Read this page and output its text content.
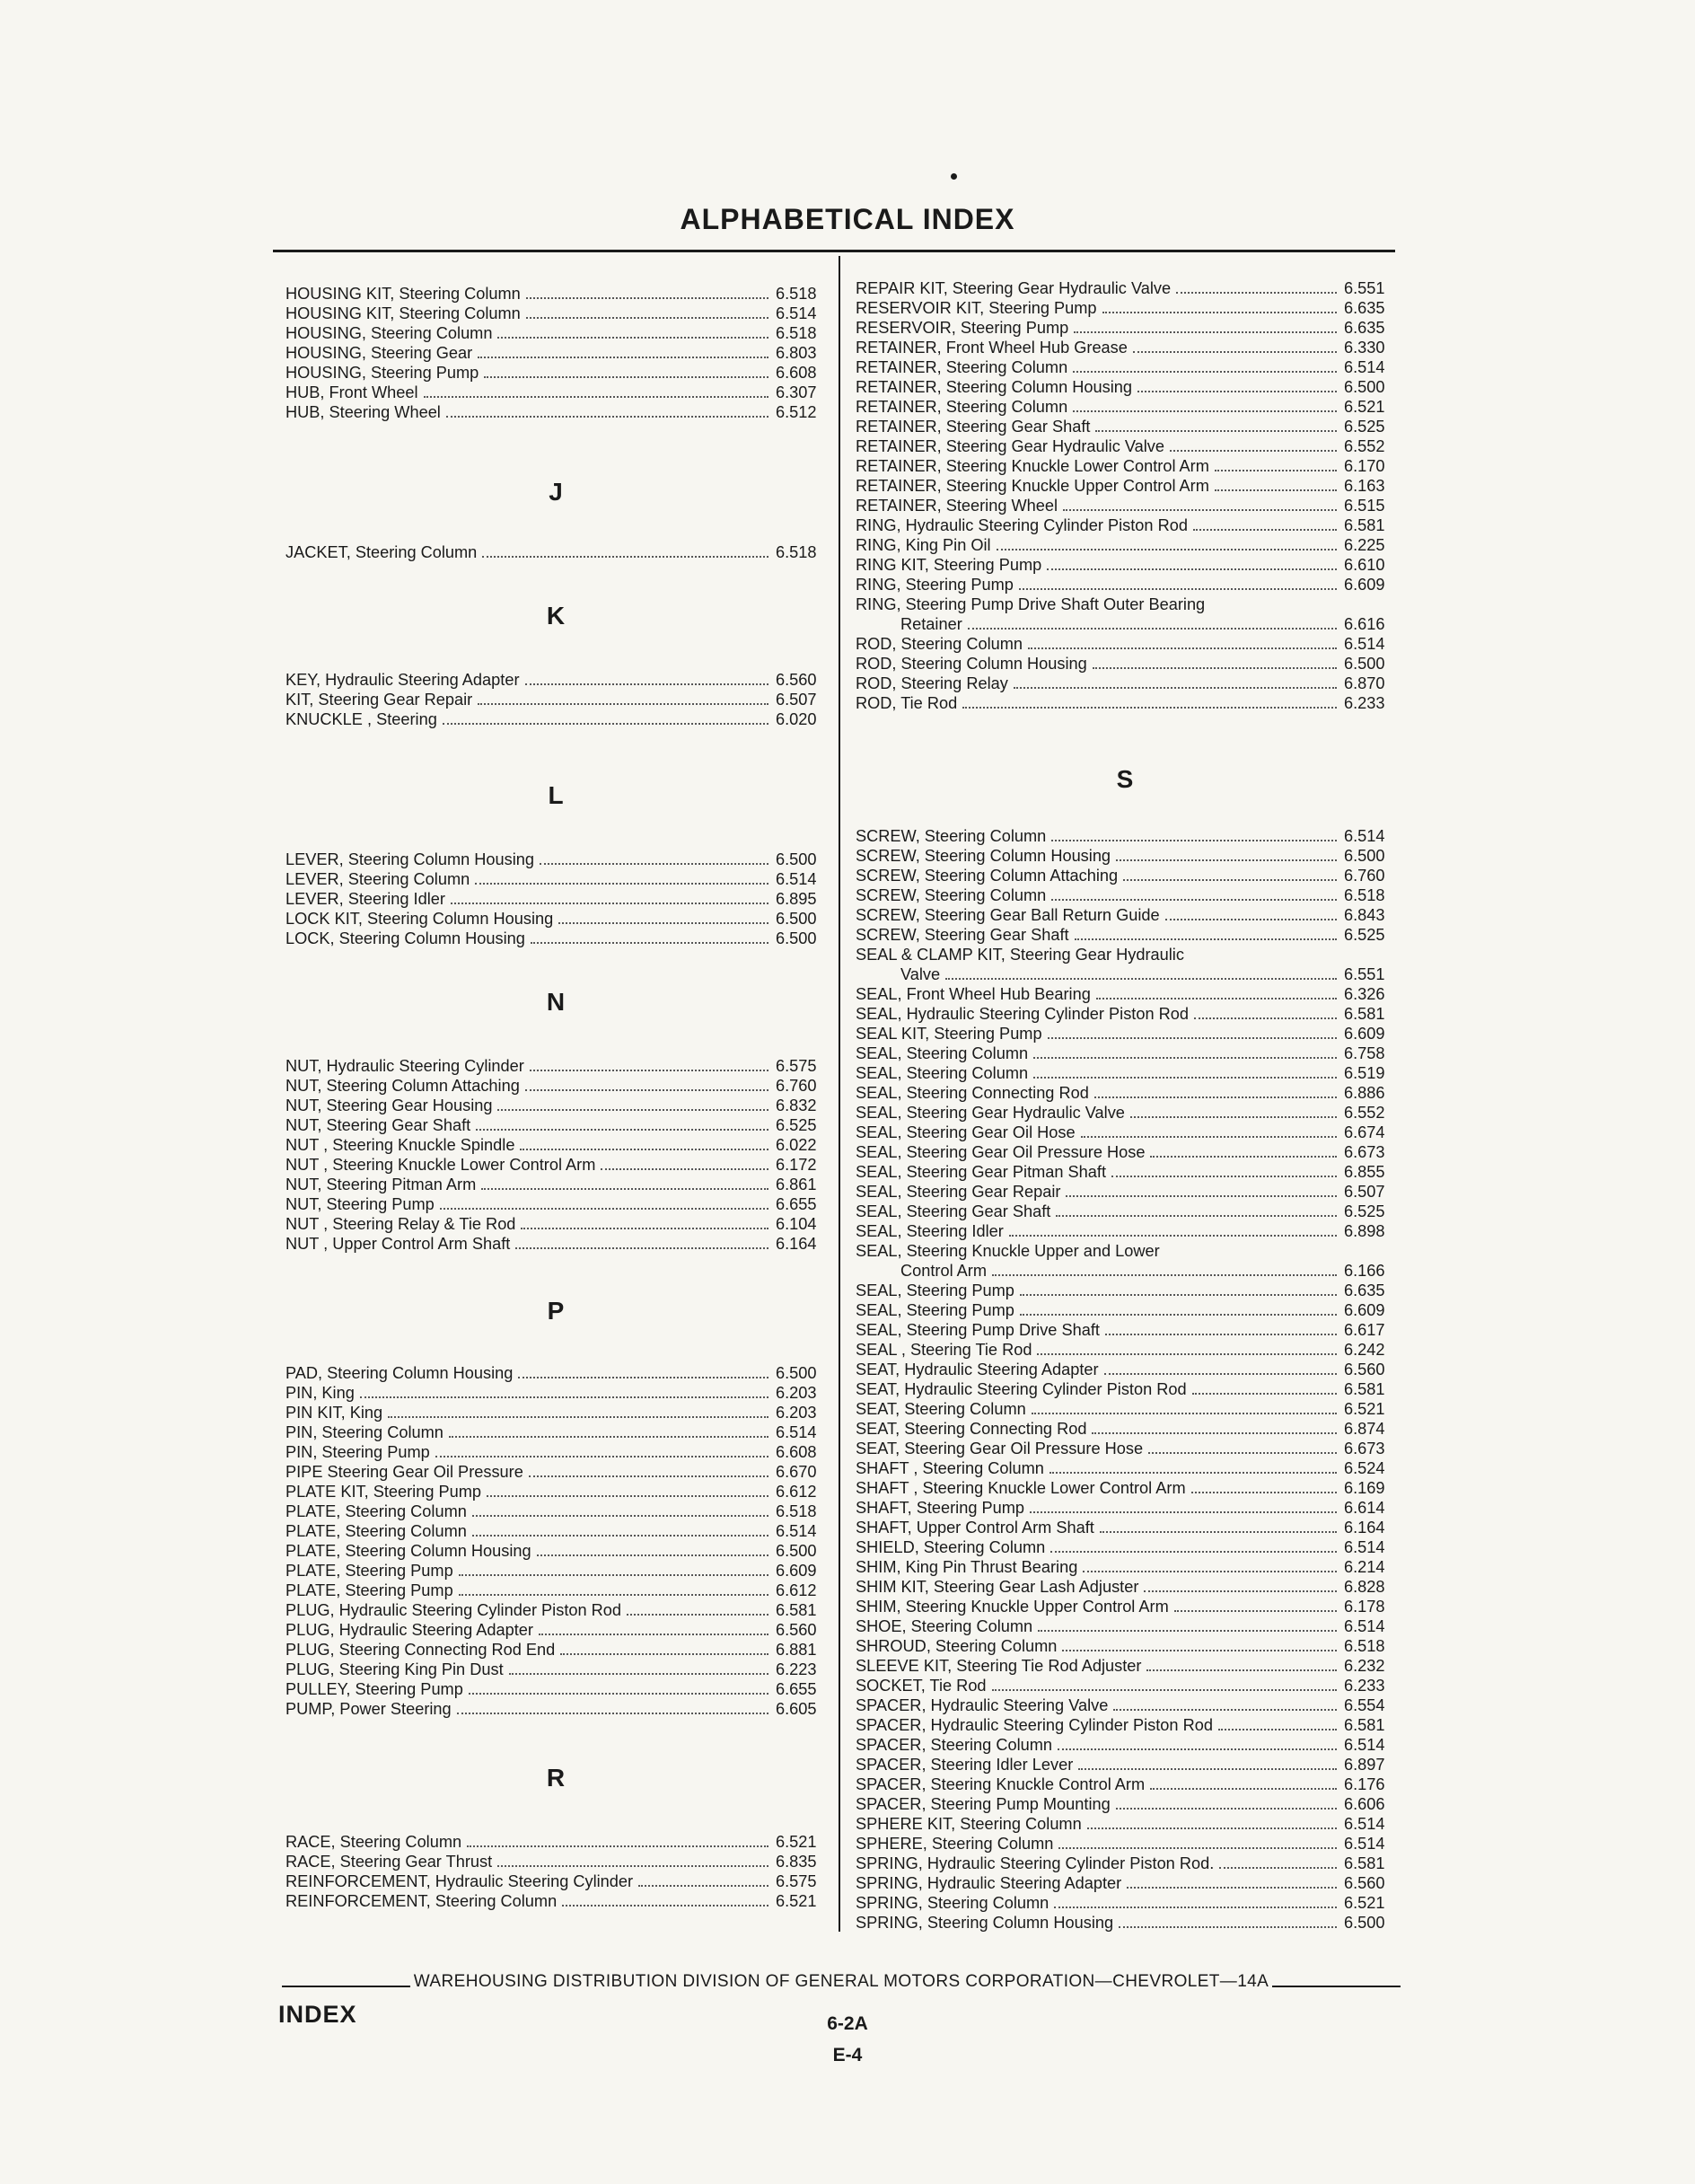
ALPHABETICAL INDEX
HOUSING KIT, Steering Column	6.518
HOUSING KIT, Steering Column	6.514
HOUSING, Steering Column	6.518
HOUSING, Steering Gear	6.803
HOUSING, Steering Pump	6.608
HUB, Front Wheel	6.307
HUB, Steering Wheel	6.512
J
JACKET, Steering Column	6.518
K
KEY, Hydraulic Steering Adapter	6.560
KIT, Steering Gear Repair	6.507
KNUCKLE , Steering	6.020
L
LEVER, Steering Column Housing	6.500
LEVER, Steering Column	6.514
LEVER, Steering Idler	6.895
LOCK KIT, Steering Column Housing	6.500
LOCK, Steering Column Housing	6.500
N
NUT, Hydraulic Steering Cylinder	6.575
NUT, Steering Column Attaching	6.760
NUT, Steering Gear Housing	6.832
NUT, Steering Gear Shaft	6.525
NUT , Steering Knuckle Spindle	6.022
NUT , Steering Knuckle Lower Control Arm	6.172
NUT, Steering Pitman Arm	6.861
NUT, Steering Pump	6.655
NUT , Steering Relay & Tie Rod	6.104
NUT , Upper Control Arm Shaft	6.164
P
PAD, Steering Column Housing	6.500
PIN, King	6.203
PIN KIT, King	6.203
PIN, Steering Column	6.514
PIN, Steering Pump	6.608
PIPE Steering Gear Oil Pressure	6.670
PLATE KIT, Steering Pump	6.612
PLATE, Steering Column	6.518
PLATE, Steering Column	6.514
PLATE, Steering Column Housing	6.500
PLATE, Steering Pump	6.609
PLATE, Steering Pump	6.612
PLUG, Hydraulic Steering Cylinder Piston Rod	6.581
PLUG, Hydraulic Steering Adapter	6.560
PLUG, Steering Connecting Rod End	6.881
PLUG, Steering King Pin Dust	6.223
PULLEY, Steering Pump	6.655
PUMP, Power Steering	6.605
R
RACE, Steering Column	6.521
RACE, Steering Gear Thrust	6.835
REINFORCEMENT, Hydraulic Steering Cylinder	6.575
REINFORCEMENT, Steering Column	6.521
REPAIR KIT, Steering Gear Hydraulic Valve	6.551
RESERVOIR KIT, Steering Pump	6.635
RESERVOIR, Steering Pump	6.635
RETAINER, Front Wheel Hub Grease	6.330
RETAINER, Steering Column	6.514
RETAINER, Steering Column Housing	6.500
RETAINER, Steering Column	6.521
RETAINER, Steering Gear Shaft	6.525
RETAINER, Steering Gear Hydraulic Valve	6.552
RETAINER, Steering Knuckle Lower Control Arm	6.170
RETAINER, Steering Knuckle Upper Control Arm	6.163
RETAINER, Steering Wheel	6.515
RING, Hydraulic Steering Cylinder Piston Rod	6.581
RING, King Pin Oil	6.225
RING KIT, Steering Pump	6.610
RING, Steering Pump	6.609
RING, Steering Pump Drive Shaft Outer Bearing
Retainer	6.616
ROD, Steering Column	6.514
ROD, Steering Column Housing	6.500
ROD, Steering Relay	6.870
ROD, Tie Rod	6.233
S
SCREW, Steering Column	6.514
SCREW, Steering Column Housing	6.500
SCREW, Steering Column Attaching	6.760
SCREW, Steering Column	6.518
SCREW, Steering Gear Ball Return Guide	6.843
SCREW, Steering Gear Shaft	6.525
SEAL & CLAMP KIT, Steering Gear Hydraulic
Valve	6.551
SEAL, Front Wheel Hub Bearing	6.326
SEAL, Hydraulic Steering Cylinder Piston Rod	6.581
SEAL KIT, Steering Pump	6.609
SEAL, Steering Column	6.758
SEAL, Steering Column	6.519
SEAL, Steering Connecting Rod	6.886
SEAL, Steering Gear Hydraulic Valve	6.552
SEAL, Steering Gear Oil Hose	6.674
SEAL, Steering Gear Oil Pressure Hose	6.673
SEAL, Steering Gear Pitman Shaft	6.855
SEAL, Steering Gear Repair	6.507
SEAL, Steering Gear Shaft	6.525
SEAL, Steering Idler	6.898
SEAL, Steering Knuckle Upper and Lower
Control Arm	6.166
SEAL, Steering Pump	6.635
SEAL, Steering Pump	6.609
SEAL, Steering Pump Drive Shaft	6.617
SEAL , Steering Tie Rod	6.242
SEAT, Hydraulic Steering Adapter	6.560
SEAT, Hydraulic Steering Cylinder Piston Rod	6.581
SEAT, Steering Column	6.521
SEAT, Steering Connecting Rod	6.874
SEAT, Steering Gear Oil Pressure Hose	6.673
SHAFT , Steering Column	6.524
SHAFT , Steering Knuckle Lower Control Arm	6.169
SHAFT, Steering Pump	6.614
SHAFT, Upper Control Arm Shaft	6.164
SHIELD, Steering Column	6.514
SHIM, King Pin Thrust Bearing	6.214
SHIM KIT, Steering Gear Lash Adjuster	6.828
SHIM, Steering Knuckle Upper Control Arm	6.178
SHOE, Steering Column	6.514
SHROUD, Steering Column	6.518
SLEEVE KIT, Steering Tie Rod Adjuster	6.232
SOCKET, Tie Rod	6.233
SPACER, Hydraulic Steering Valve	6.554
SPACER, Hydraulic Steering Cylinder Piston Rod	6.581
SPACER, Steering Column	6.514
SPACER, Steering Idler Lever	6.897
SPACER, Steering Knuckle Control Arm	6.176
SPACER, Steering Pump Mounting	6.606
SPHERE KIT, Steering Column	6.514
SPHERE, Steering Column	6.514
SPRING, Hydraulic Steering Cylinder Piston Rod.	6.581
SPRING, Hydraulic Steering Adapter	6.560
SPRING, Steering Column	6.521
SPRING, Steering Column Housing	6.500
WAREHOUSING DISTRIBUTION DIVISION OF GENERAL MOTORS CORPORATION—CHEVROLET—14A
INDEX	6-2A
E-4
